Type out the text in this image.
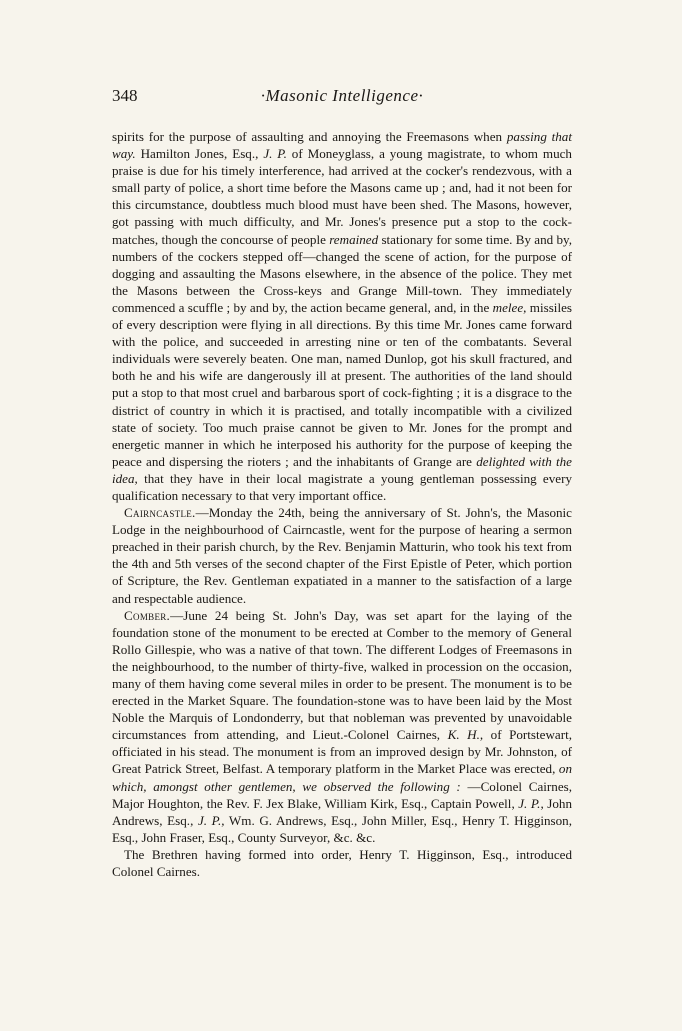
348	·Masonic Intelligence·

spirits for the purpose of assaulting and annoying the Freemasons when passing that way. Hamilton Jones, Esq., J. P. of Moneyglass, a young magistrate, to whom much praise is due for his timely interference, had arrived at the cocker's rendezvous, with a small party of police, a short time before the Masons came up ; and, had it not been for this circumstance, doubtless much blood must have been shed. The Masons, however, got passing with much difficulty, and Mr. Jones's presence put a stop to the cock-matches, though the concourse of people remained stationary for some time. By and by, numbers of the cockers stepped off—changed the scene of action, for the purpose of dogging and assaulting the Masons elsewhere, in the absence of the police. They met the Masons between the Cross-keys and Grange Mill-town. They immediately commenced a scuffle ; by and by, the action became general, and, in the melee, missiles of every description were flying in all directions. By this time Mr. Jones came forward with the police, and succeeded in arresting nine or ten of the combatants. Several individuals were severely beaten. One man, named Dunlop, got his skull fractured, and both he and his wife are dangerously ill at present. The authorities of the land should put a stop to that most cruel and barbarous sport of cock-fighting ; it is a disgrace to the district of country in which it is practised, and totally incompatible with a civilized state of society. Too much praise cannot be given to Mr. Jones for the prompt and energetic manner in which he interposed his authority for the purpose of keeping the peace and dispersing the rioters ; and the inhabitants of Grange are delighted with the idea, that they have in their local magistrate a young gentleman possessing every qualification necessary to that very important office.

Cairncastle.—Monday the 24th, being the anniversary of St. John's, the Masonic Lodge in the neighbourhood of Cairncastle, went for the purpose of hearing a sermon preached in their parish church, by the Rev. Benjamin Matturin, who took his text from the 4th and 5th verses of the second chapter of the First Epistle of Peter, which portion of Scripture, the Rev. Gentleman expatiated in a manner to the satisfaction of a large and respectable audience.

Comber.—June 24 being St. John's Day, was set apart for the laying of the foundation stone of the monument to be erected at Comber to the memory of General Rollo Gillespie, who was a native of that town. The different Lodges of Freemasons in the neighbourhood, to the number of thirty-five, walked in procession on the occasion, many of them having come several miles in order to be present. The monument is to be erected in the Market Square. The foundation-stone was to have been laid by the Most Noble the Marquis of Londonderry, but that nobleman was prevented by unavoidable circumstances from attending, and Lieut.-Colonel Cairnes, K. H., of Portstewart, officiated in his stead. The monument is from an improved design by Mr. Johnston, of Great Patrick Street, Belfast. A temporary platform in the Market Place was erected, on which, amongst other gentlemen, we observed the following : —Colonel Cairnes, Major Houghton, the Rev. F. Jex Blake, William Kirk, Esq., Captain Powell, J. P., John Andrews, Esq., J. P., Wm. G. Andrews, Esq., John Miller, Esq., Henry T. Higginson, Esq., John Fraser, Esq., County Surveyor, &c. &c.

The Brethren having formed into order, Henry T. Higginson, Esq., introduced Colonel Cairnes.
